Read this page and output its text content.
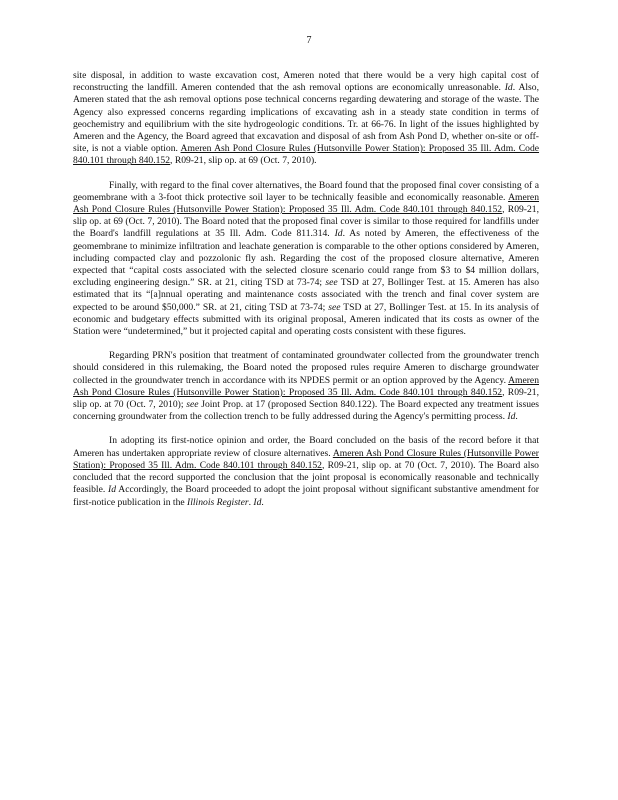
7

site disposal, in addition to waste excavation cost, Ameren noted that there would be a very high capital cost of reconstructing the landfill. Ameren contended that the ash removal options are economically unreasonable. Id. Also, Ameren stated that the ash removal options pose technical concerns regarding dewatering and storage of the waste. The Agency also expressed concerns regarding implications of excavating ash in a steady state condition in terms of geochemistry and equilibrium with the site hydrogeologic conditions. Tr. at 66-76. In light of the issues highlighted by Ameren and the Agency, the Board agreed that excavation and disposal of ash from Ash Pond D, whether on-site or off-site, is not a viable option. Ameren Ash Pond Closure Rules (Hutsonville Power Station): Proposed 35 Ill. Adm. Code 840.101 through 840.152, R09-21, slip op. at 69 (Oct. 7, 2010).

Finally, with regard to the final cover alternatives, the Board found that the proposed final cover consisting of a geomembrane with a 3-foot thick protective soil layer to be technically feasible and economically reasonable. Ameren Ash Pond Closure Rules (Hutsonville Power Station): Proposed 35 Ill. Adm. Code 840.101 through 840.152, R09-21, slip op. at 69 (Oct. 7, 2010). The Board noted that the proposed final cover is similar to those required for landfills under the Board's landfill regulations at 35 Ill. Adm. Code 811.314. Id. As noted by Ameren, the effectiveness of the geomembrane to minimize infiltration and leachate generation is comparable to the other options considered by Ameren, including compacted clay and pozzolonic fly ash. Regarding the cost of the proposed closure alternative, Ameren expected that “capital costs associated with the selected closure scenario could range from $3 to $4 million dollars, excluding engineering design.” SR. at 21, citing TSD at 73-74; see TSD at 27, Bollinger Test. at 15. Ameren has also estimated that its “[a]nnual operating and maintenance costs associated with the trench and final cover system are expected to be around $50,000.” SR. at 21, citing TSD at 73-74; see TSD at 27, Bollinger Test. at 15. In its analysis of economic and budgetary effects submitted with its original proposal, Ameren indicated that its costs as owner of the Station were “undetermined,” but it projected capital and operating costs consistent with these figures.

Regarding PRN's position that treatment of contaminated groundwater collected from the groundwater trench should considered in this rulemaking, the Board noted the proposed rules require Ameren to discharge groundwater collected in the groundwater trench in accordance with its NPDES permit or an option approved by the Agency. Ameren Ash Pond Closure Rules (Hutsonville Power Station): Proposed 35 Ill. Adm. Code 840.101 through 840.152, R09-21, slip op. at 70 (Oct. 7, 2010); see Joint Prop. at 17 (proposed Section 840.122). The Board expected any treatment issues concerning groundwater from the collection trench to be fully addressed during the Agency's permitting process. Id.

In adopting its first-notice opinion and order, the Board concluded on the basis of the record before it that Ameren has undertaken appropriate review of closure alternatives. Ameren Ash Pond Closure Rules (Hutsonville Power Station): Proposed 35 Ill. Adm. Code 840.101 through 840.152, R09-21, slip op. at 70 (Oct. 7, 2010). The Board also concluded that the record supported the conclusion that the joint proposal is economically reasonable and technically feasible. Id Accordingly, the Board proceeded to adopt the joint proposal without significant substantive amendment for first-notice publication in the Illinois Register. Id.
